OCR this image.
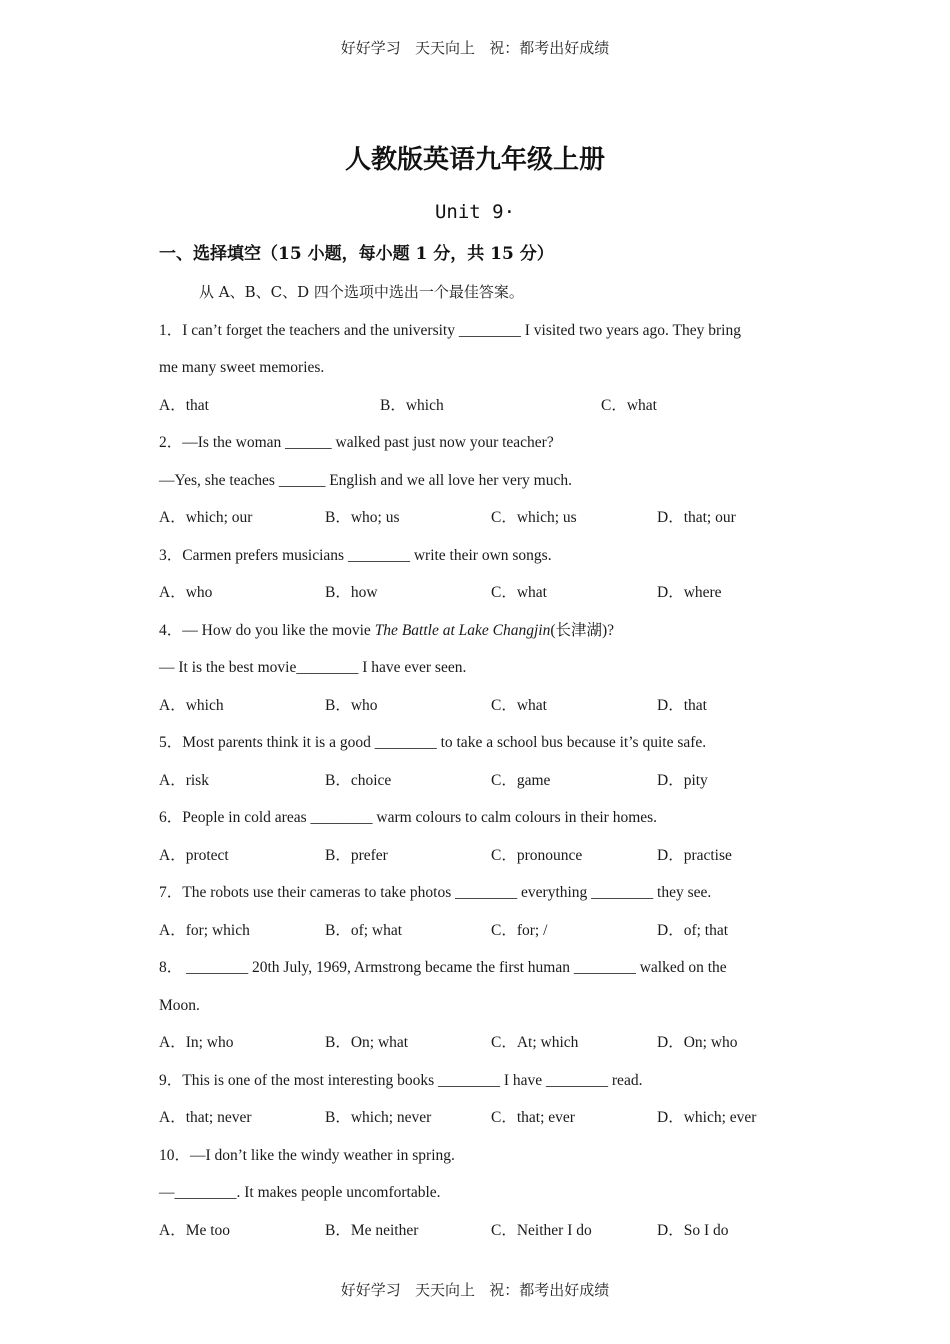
好好学习   天天向上   祝：都考出好成绩
人教版英语九年级上册
Unit 9·
一、选择填空（15 小题，每小题 1 分，共 15 分）
从 A、B、C、D 四个选项中选出一个最佳答案。
1．I can’t forget the teachers and the university ________ I visited two years ago. They bring
me many sweet memories.
A．that	B．which	C．what
2．—Is the woman ______ walked past just now your teacher?
—Yes, she teaches ______ English and we all love her very much.
A．which; our	B．who; us	C．which; us	D．that; our
3．Carmen prefers musicians ________ write their own songs.
A．who	B．how	C．what	D．where
4．— How do you like the movie The Battle at Lake Changjin(长津湖)?
— It is the best movie________ I have ever seen.
A．which	B．who	C．what	D．that
5．Most parents think it is a good ________ to take a school bus because it’s quite safe.
A．risk	B．choice	C．game	D．pity
6．People in cold areas ________ warm colours to calm colours in their homes.
A．protect	B．prefer	C．pronounce	D．practise
7．The robots use their cameras to take photos ________ everything ________ they see.
A．for; which	B．of; what	C．for; /	D．of; that
8． ________ 20th July, 1969, Armstrong became the first human ________ walked on the
Moon.
A．In; who	B．On; what	C．At; which	D．On; who
9．This is one of the most interesting books ________ I have ________ read.
A．that; never	B．which; never	C．that; ever	D．which; ever
10．—I don’t like the windy weather in spring.
—________. It makes people uncomfortable.
A．Me too	B．Me neither	C．Neither I do	D．So I do
好好学习   天天向上   祝：都考出好成绩
